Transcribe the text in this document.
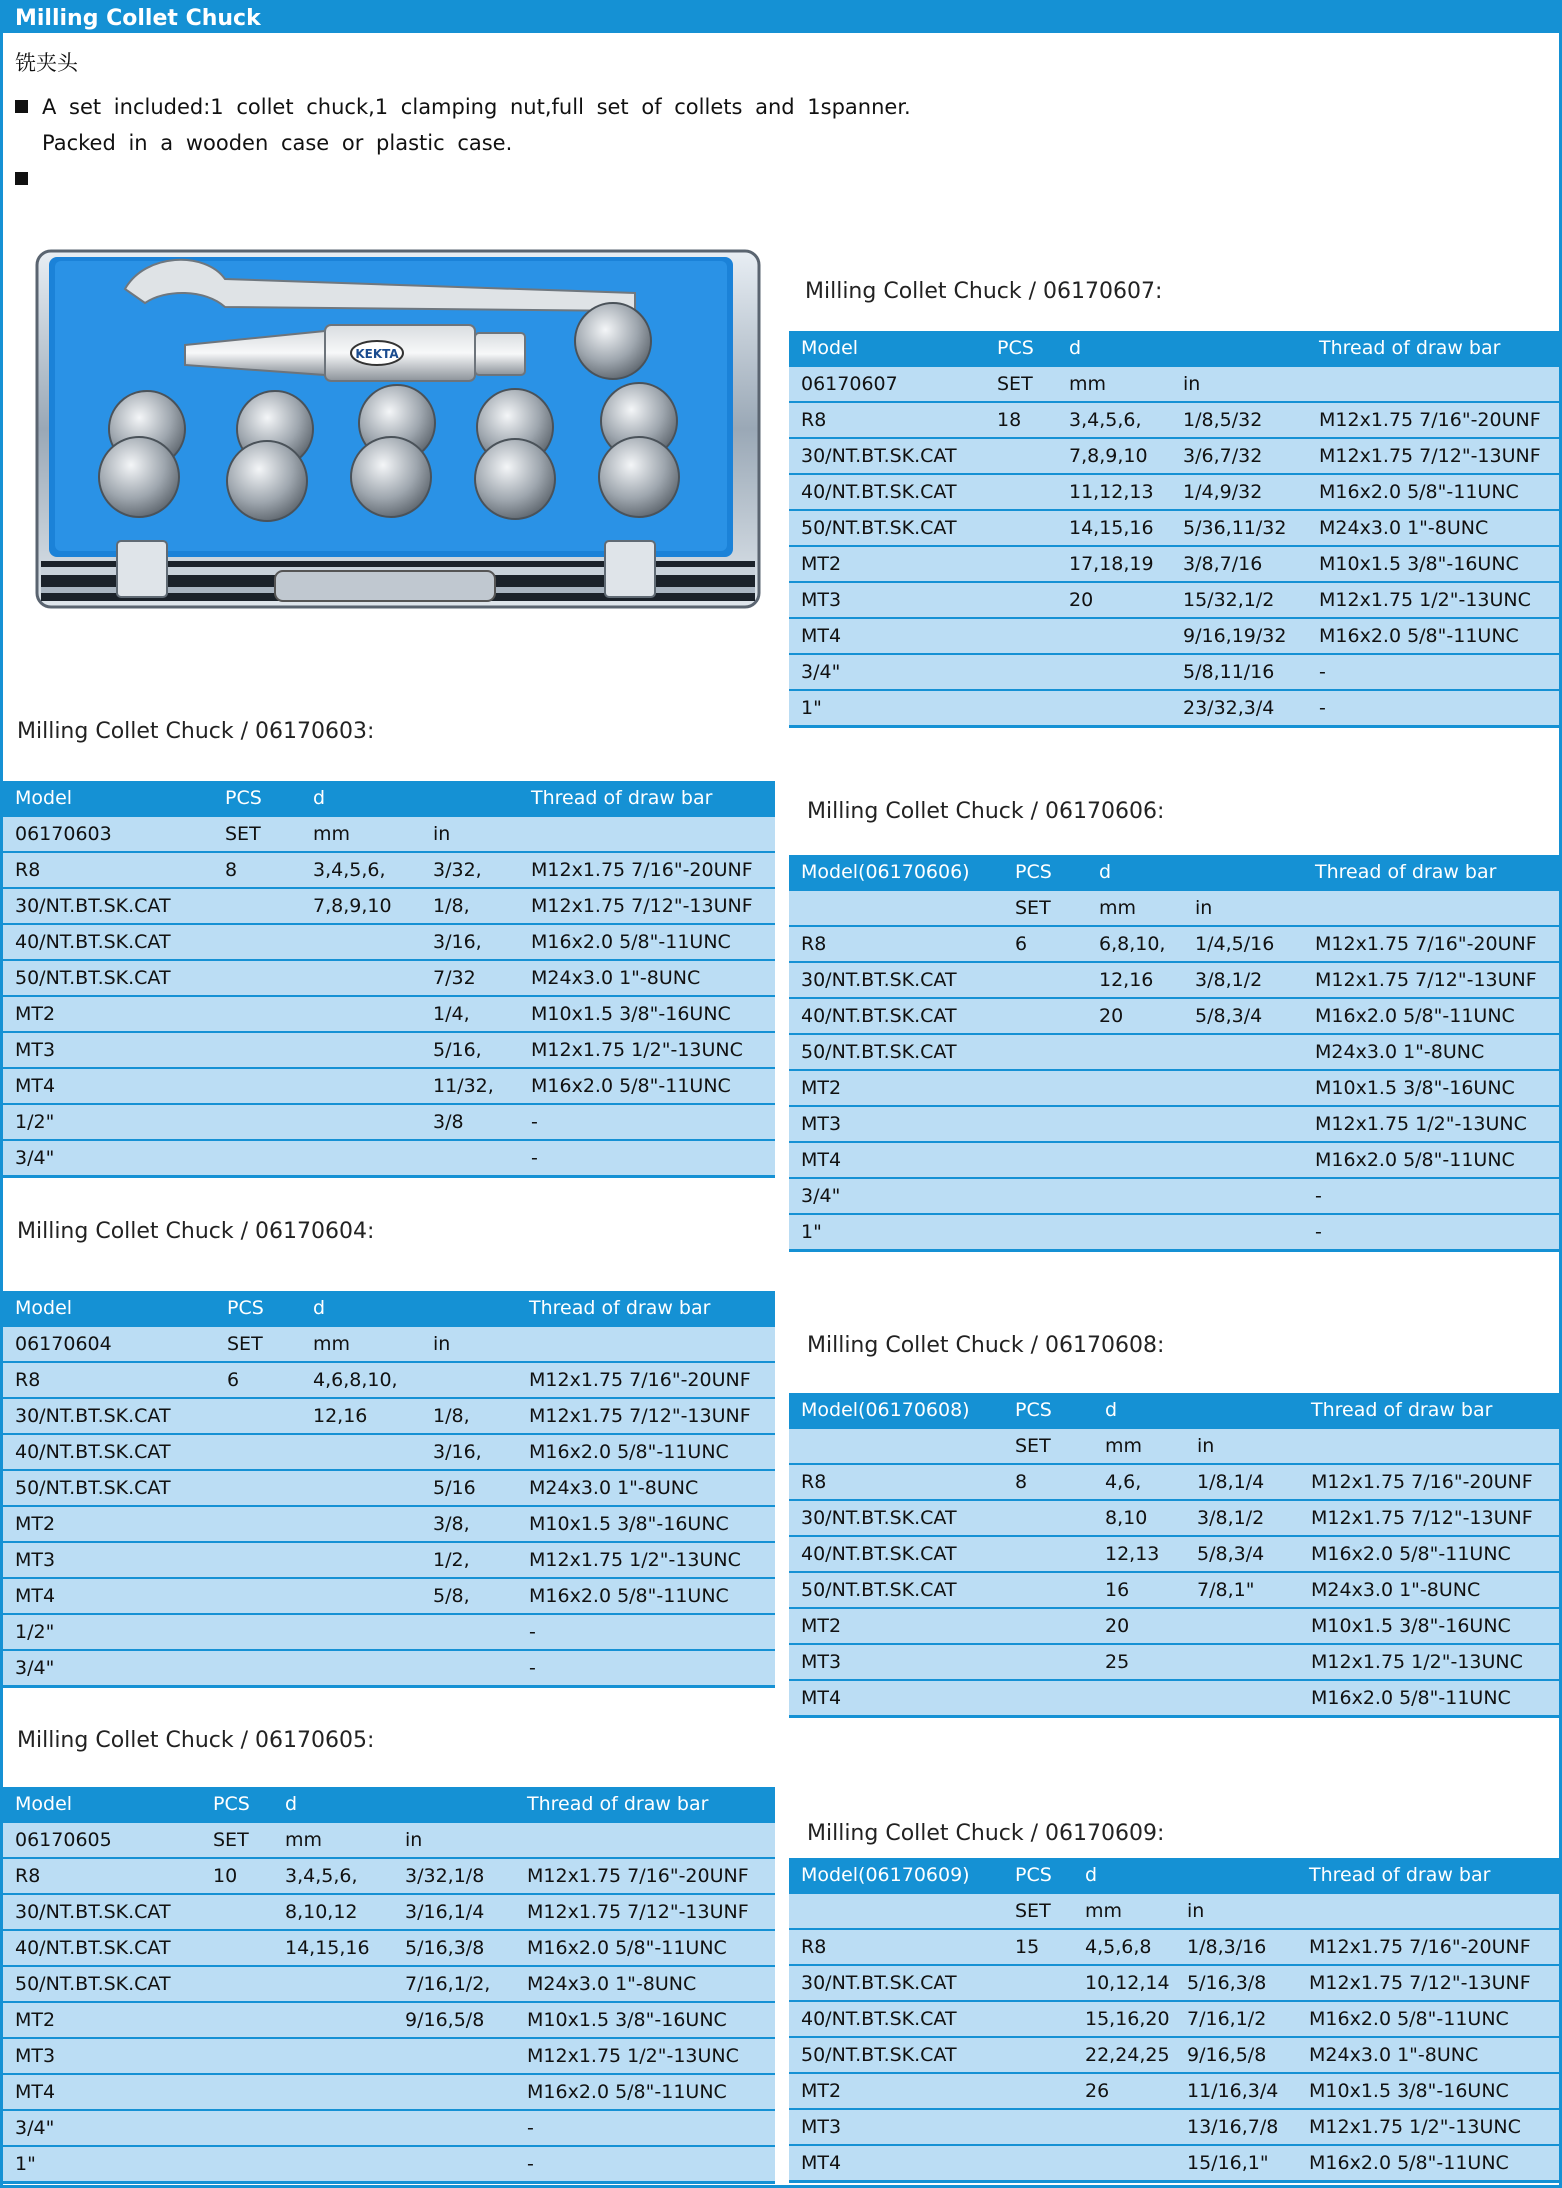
Milling Collet Chuck
铣夹头
A set included:1 collet chuck,1 clamping nut,full set of collets and 1spanner.
Packed in a wooden case or plastic case.
KEKTA
Milling Collet Chuck / 06170603:
Model	PCS	d		Thread of draw bar
06170603	SET	mm	in	
R8	8	3,4,5,6,	3/32,	M12x1.75 7/16"-20UNF
30/NT.BT.SK.CAT		7,8,9,10	1/8,	M12x1.75 7/12"-13UNF
40/NT.BT.SK.CAT			3/16,	M16x2.0 5/8"-11UNC
50/NT.BT.SK.CAT			7/32	M24x3.0 1"-8UNC
MT2			1/4,	M10x1.5 3/8"-16UNC
MT3			5/16,	M12x1.75 1/2"-13UNC
MT4			11/32,	M16x2.0 5/8"-11UNC
1/2"			3/8	-
3/4"				-
Milling Collet Chuck / 06170604:
Model	PCS	d		Thread of draw bar
06170604	SET	mm	in	
R8	6	4,6,8,10,		M12x1.75 7/16"-20UNF
30/NT.BT.SK.CAT		12,16	1/8,	M12x1.75 7/12"-13UNF
40/NT.BT.SK.CAT			3/16,	M16x2.0 5/8"-11UNC
50/NT.BT.SK.CAT			5/16	M24x3.0 1"-8UNC
MT2			3/8,	M10x1.5 3/8"-16UNC
MT3			1/2,	M12x1.75 1/2"-13UNC
MT4			5/8,	M16x2.0 5/8"-11UNC
1/2"				-
3/4"				-
Milling Collet Chuck / 06170605:
Model	PCS	d		Thread of draw bar
06170605	SET	mm	in	
R8	10	3,4,5,6,	3/32,1/8	M12x1.75 7/16"-20UNF
30/NT.BT.SK.CAT		8,10,12	3/16,1/4	M12x1.75 7/12"-13UNF
40/NT.BT.SK.CAT		14,15,16	5/16,3/8	M16x2.0 5/8"-11UNC
50/NT.BT.SK.CAT			7/16,1/2,	M24x3.0 1"-8UNC
MT2			9/16,5/8	M10x1.5 3/8"-16UNC
MT3				M12x1.75 1/2"-13UNC
MT4				M16x2.0 5/8"-11UNC
3/4"				-
1"				-
Milling Collet Chuck / 06170607:
Model	PCS	d		Thread of draw bar
06170607	SET	mm	in	
R8	18	3,4,5,6,	1/8,5/32	M12x1.75 7/16"-20UNF
30/NT.BT.SK.CAT		7,8,9,10	3/6,7/32	M12x1.75 7/12"-13UNF
40/NT.BT.SK.CAT		11,12,13	1/4,9/32	M16x2.0 5/8"-11UNC
50/NT.BT.SK.CAT		14,15,16	5/36,11/32	M24x3.0 1"-8UNC
MT2		17,18,19	3/8,7/16	M10x1.5 3/8"-16UNC
MT3		20	15/32,1/2	M12x1.75 1/2"-13UNC
MT4			9/16,19/32	M16x2.0 5/8"-11UNC
3/4"			5/8,11/16	-
1"			23/32,3/4	-
Milling Collet Chuck / 06170606:
Model(06170606)	PCS	d		Thread of draw bar
	SET	mm	in	
R8	6	6,8,10,	1/4,5/16	M12x1.75 7/16"-20UNF
30/NT.BT.SK.CAT		12,16	3/8,1/2	M12x1.75 7/12"-13UNF
40/NT.BT.SK.CAT		20	5/8,3/4	M16x2.0 5/8"-11UNC
50/NT.BT.SK.CAT				M24x3.0 1"-8UNC
MT2				M10x1.5 3/8"-16UNC
MT3				M12x1.75 1/2"-13UNC
MT4				M16x2.0 5/8"-11UNC
3/4"				-
1"				-
Milling Collet Chuck / 06170608:
Model(06170608)	PCS	d		Thread of draw bar
	SET	mm	in	
R8	8	4,6,	1/8,1/4	M12x1.75 7/16"-20UNF
30/NT.BT.SK.CAT		8,10	3/8,1/2	M12x1.75 7/12"-13UNF
40/NT.BT.SK.CAT		12,13	5/8,3/4	M16x2.0 5/8"-11UNC
50/NT.BT.SK.CAT		16	7/8,1"	M24x3.0 1"-8UNC
MT2		20		M10x1.5 3/8"-16UNC
MT3		25		M12x1.75 1/2"-13UNC
MT4				M16x2.0 5/8"-11UNC
Milling Collet Chuck / 06170609:
Model(06170609)	PCS	d		Thread of draw bar
	SET	mm	in	
R8	15	4,5,6,8	1/8,3/16	M12x1.75 7/16"-20UNF
30/NT.BT.SK.CAT		10,12,14	5/16,3/8	M12x1.75 7/12"-13UNF
40/NT.BT.SK.CAT		15,16,20	7/16,1/2	M16x2.0 5/8"-11UNC
50/NT.BT.SK.CAT		22,24,25	9/16,5/8	M24x3.0 1"-8UNC
MT2		26	11/16,3/4	M10x1.5 3/8"-16UNC
MT3			13/16,7/8	M12x1.75 1/2"-13UNC
MT4			15/16,1"	M16x2.0 5/8"-11UNC
